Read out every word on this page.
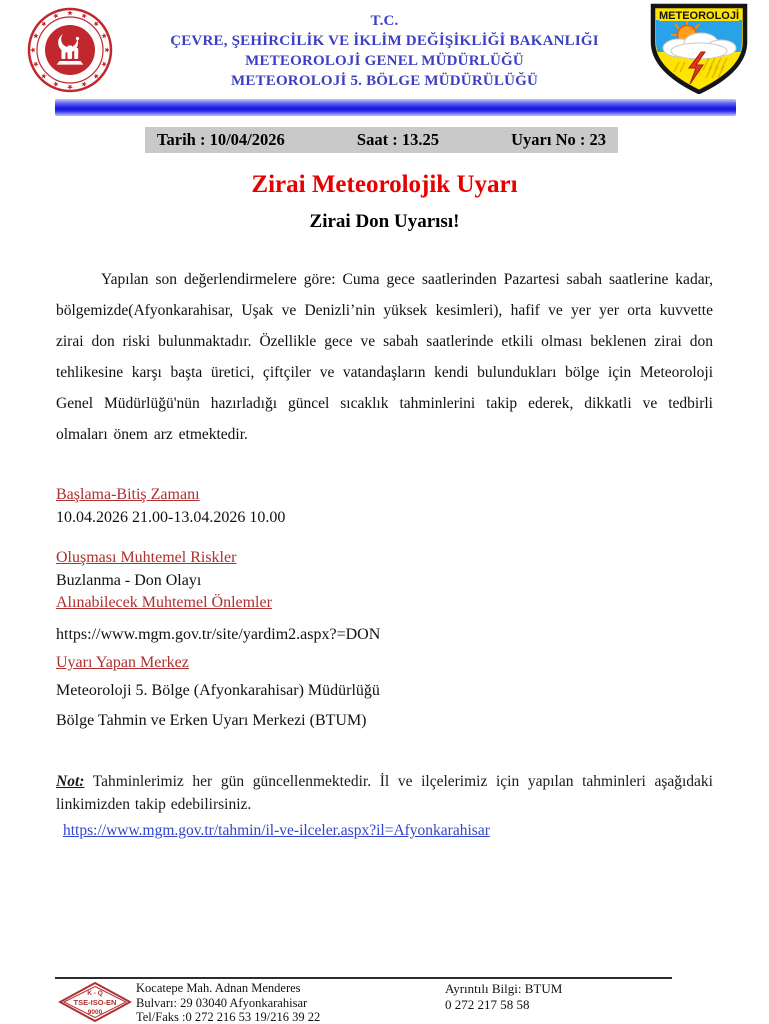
T.C.
ÇEVRE, ŞEHİRCİLİK VE İKLİM DEĞİŞİKLİĞİ BAKANLIĞI
METEOROLOJİ GENEL MÜDÜRLÜĞÜ
METEOROLOJİ 5. BÖLGE MÜDÜRÜLÜĞÜ
METEOROLOJİ
Tarih : 10/04/2026	Saat : 13.25	Uyarı No : 23
Zirai Meteorolojik Uyarı
Zirai Don Uyarısı!
Yapılan son değerlendirmelere göre: Cuma gece saatlerinden Pazartesi sabah saatlerine kadar, bölgemizde(Afyonkarahisar, Uşak ve Denizli’nin yüksek kesimleri), hafif ve yer yer orta kuvvette zirai don riski bulunmaktadır. Özellikle gece ve sabah saatlerinde etkili olması beklenen zirai don tehlikesine karşı başta üretici, çiftçiler ve vatandaşların kendi bulundukları bölge için Meteoroloji Genel Müdürlüğü'nün hazırladığı güncel sıcaklık tahminlerini takip ederek, dikkatli ve tedbirli olmaları önem arz etmektedir.
Başlama-Bitiş Zamanı
10.04.2026 21.00-13.04.2026 10.00
Oluşması Muhtemel Riskler
Buzlanma - Don Olayı
Alınabilecek Muhtemel Önlemler
https://www.mgm.gov.tr/site/yardim2.aspx?=DON
Uyarı Yapan Merkez
Meteoroloji 5. Bölge (Afyonkarahisar) Müdürlüğü
Bölge Tahmin ve Erken Uyarı Merkezi (BTUM)
Not: Tahminlerimiz her gün güncellenmektedir. İl ve ilçelerimiz için yapılan tahminleri aşağıdaki linkimizden takip edebilirsiniz.
https://www.mgm.gov.tr/tahmin/il-ve-ilceler.aspx?il=Afyonkarahisar
K - Q
TSE-ISO-EN
9000
Kocatepe Mah. Adnan Menderes
Bulvarı: 29 03040 Afyonkarahisar
Tel/Faks :0 272 216 53 19/216 39 22
Ayrıntılı Bilgi: BTUM
0 272 217 58 58
